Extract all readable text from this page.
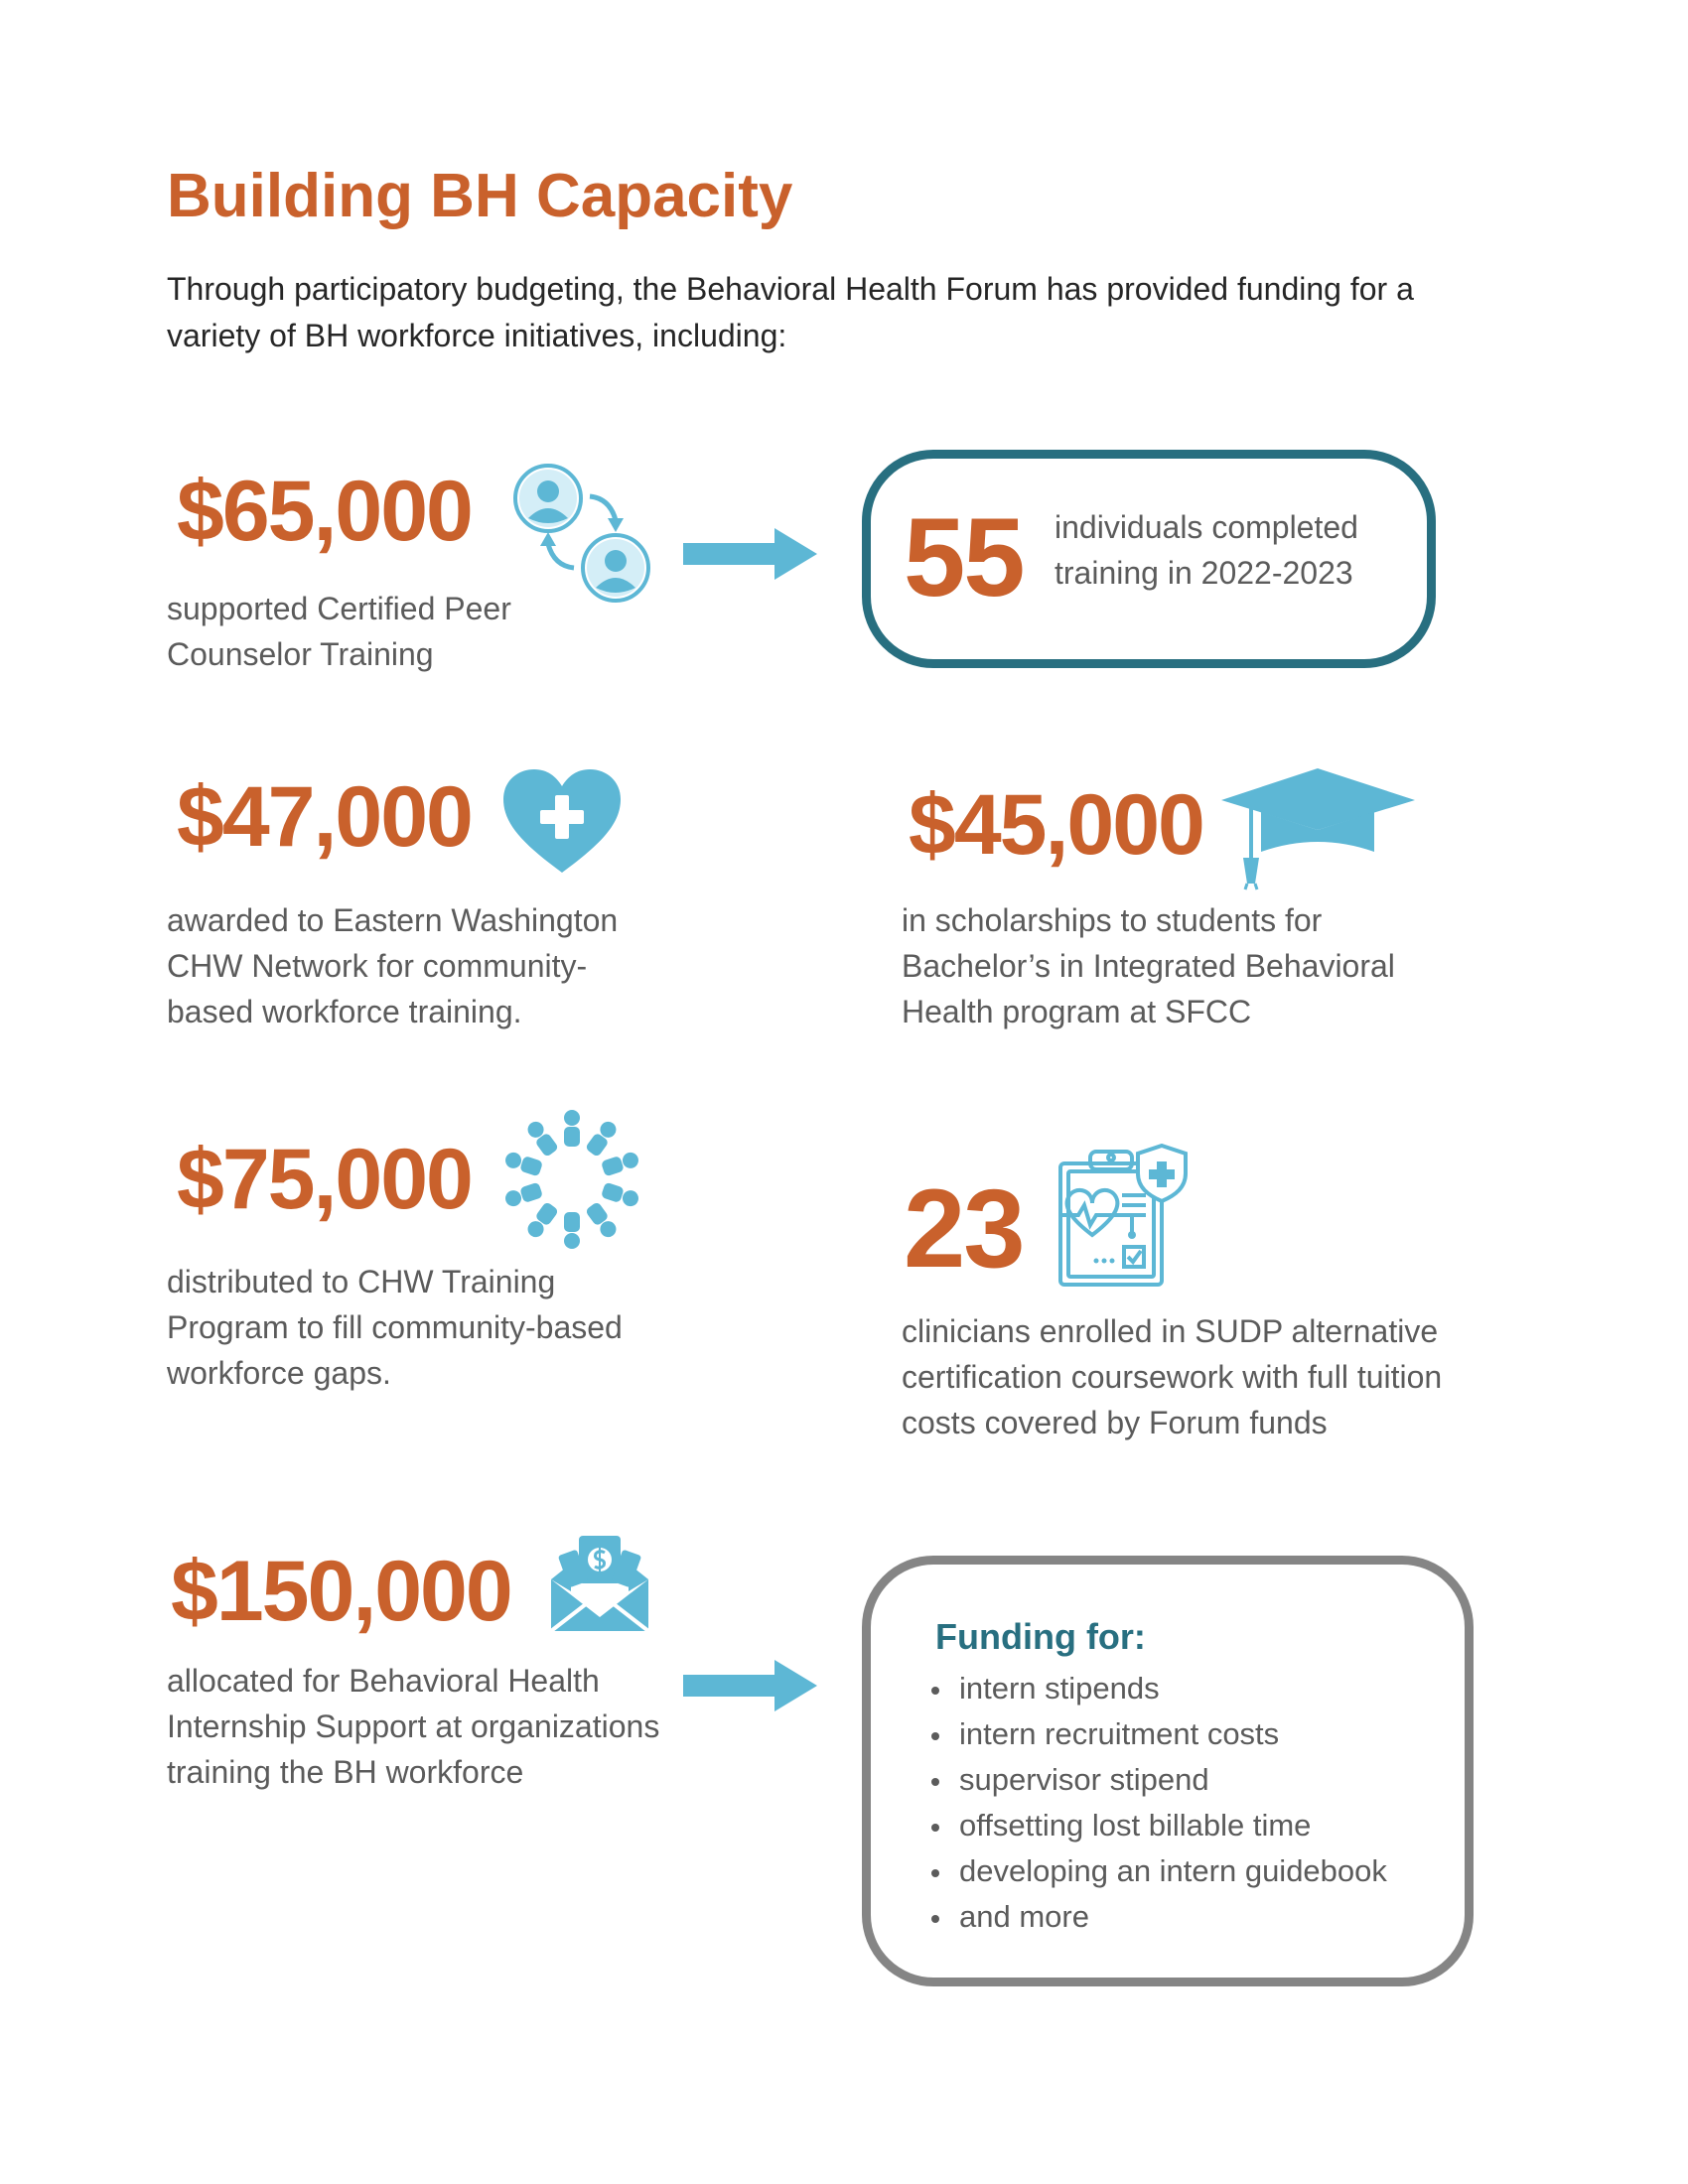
Building BH Capacity

Through participatory budgeting, the Behavioral Health Forum has provided funding for a variety of BH workforce initiatives, including:

$65,000

supported Certified Peer Counselor Training

55 individuals completed training in 2022-2023

$47,000

awarded to Eastern Washington CHW Network for community-based workforce training.

$45,000

in scholarships to students for Bachelor’s in Integrated Behavioral Health program at SFCC

$75,000

distributed to CHW Training Program to fill community-based workforce gaps.

23

clinicians enrolled in SUDP alternative certification coursework with full tuition costs covered by Forum funds

$150,000

allocated for Behavioral Health Internship Support at organizations training the BH workforce

Funding for:
intern stipends
intern recruitment costs
supervisor stipend
offsetting lost billable time
developing an intern guidebook
and more
